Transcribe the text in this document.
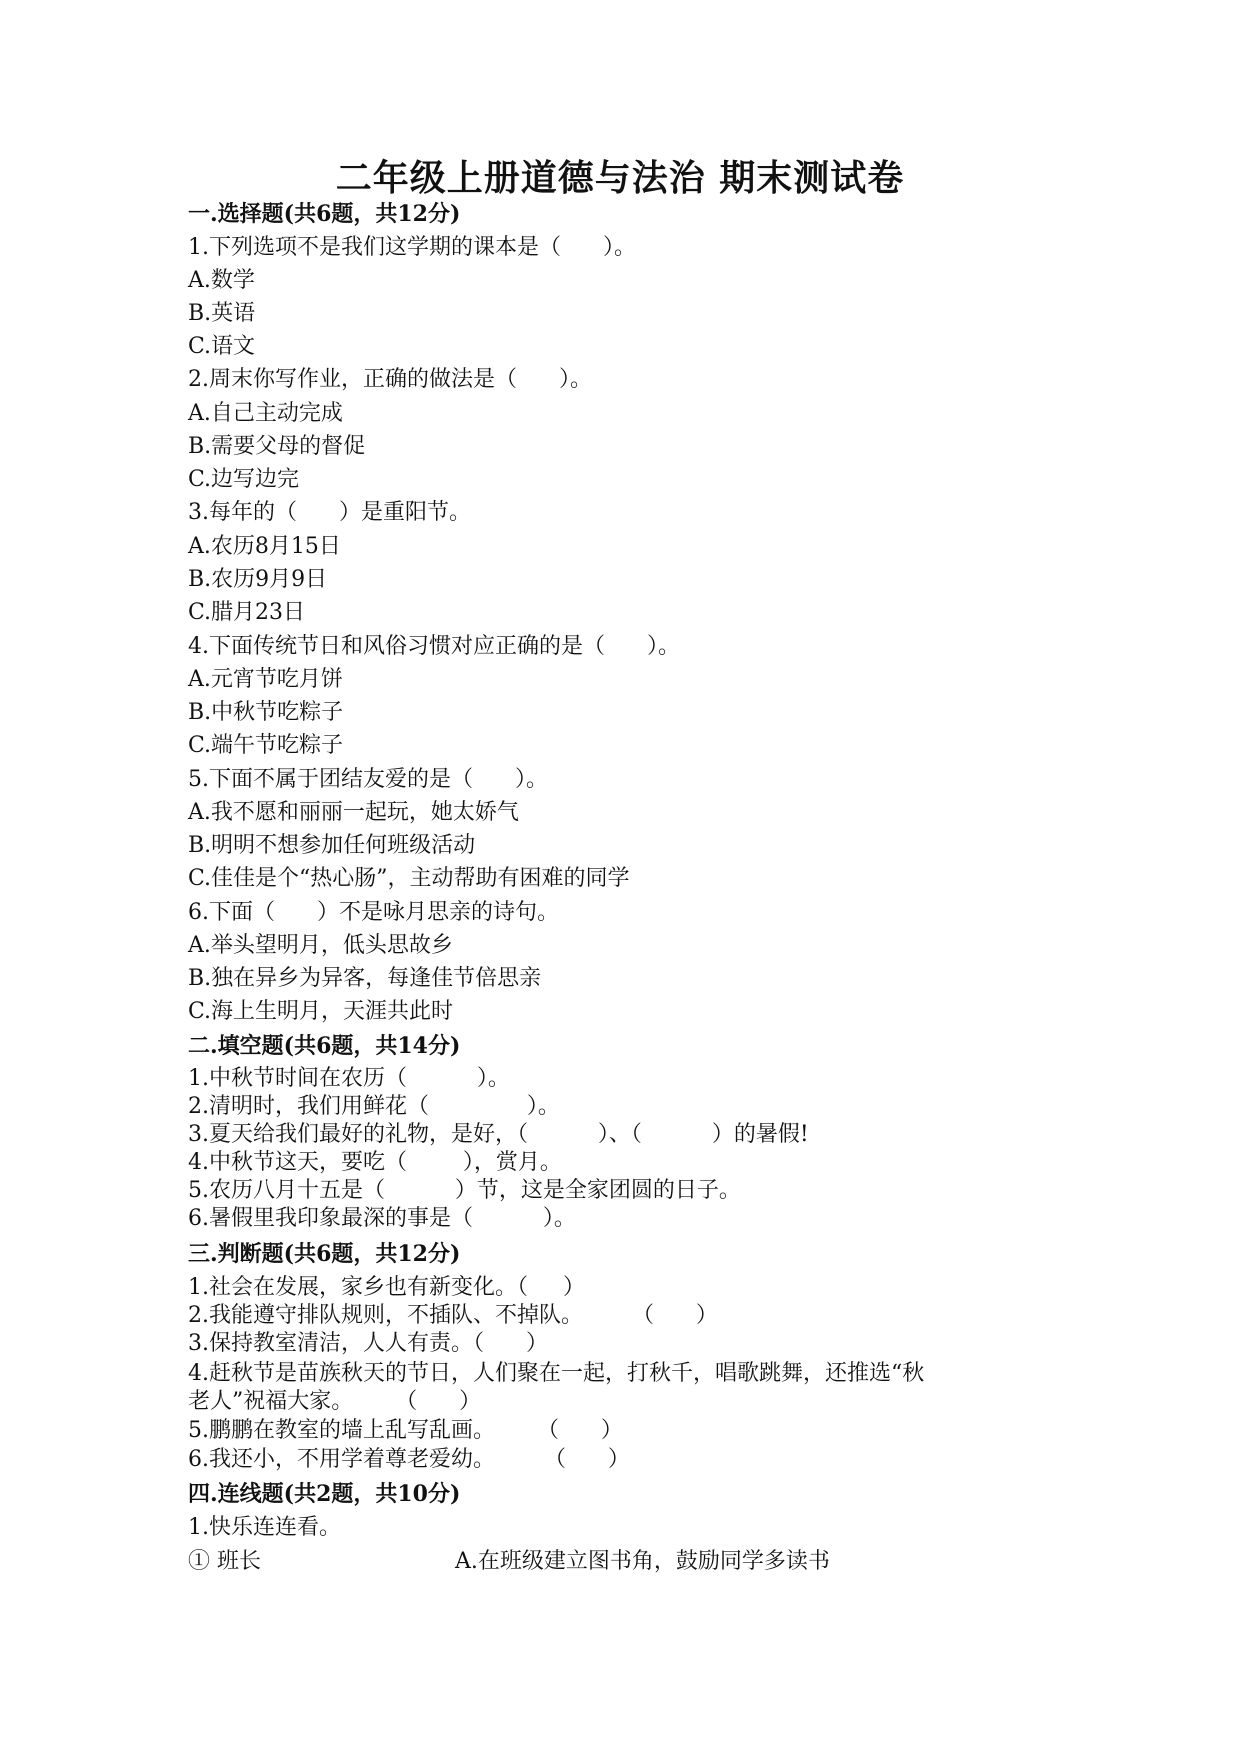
二年级上册道德与法治 期末测试卷
一.选择题(共6题，共12分)
1.下列选项不是我们这学期的课本是（      ）。
A.数学
B.英语
C.语文
2.周末你写作业，正确的做法是（      ）。
A.自己主动完成
B.需要父母的督促
C.边写边完
3.每年的（      ）是重阳节。
A.农历8月15日
B.农历9月9日
C.腊月23日
4.下面传统节日和风俗习惯对应正确的是（      ）。
A.元宵节吃月饼
B.中秋节吃粽子
C.端午节吃粽子
5.下面不属于团结友爱的是（      ）。
A.我不愿和丽丽一起玩，她太娇气
B.明明不想参加任何班级活动
C.佳佳是个“热心肠”，主动帮助有困难的同学
6.下面（      ）不是咏月思亲的诗句。
A.举头望明月，低头思故乡
B.独在异乡为异客，每逢佳节倍思亲
C.海上生明月，天涯共此时
二.填空题(共6题，共14分)
1.中秋节时间在农历（          ）。
2.清明时，我们用鲜花（              ）。
3.夏天给我们最好的礼物，是好，（          ）、（          ）的暑假!
4.中秋节这天，要吃（        ），赏月。
5.农历八月十五是（          ）节，这是全家团圆的日子。
6.暑假里我印象最深的事是（          ）。
三.判断题(共6题，共12分)
1.社会在发展，家乡也有新变化。（     ）
2.我能遵守排队规则，不插队、不掉队。       （      ）
3.保持教室清洁，人人有责。（      ）
4.赶秋节是苗族秋天的节日，人们聚在一起，打秋千，唱歌跳舞，还推选“秋
老人”祝福大家。      （      ）
5.鹏鹏在教室的墙上乱写乱画。      （      ）
6.我还小，不用学着尊老爱幼。       （      ）
四.连线题(共2题，共10分)
1.快乐连连看。
① 班长	A.在班级建立图书角，鼓励同学多读书
